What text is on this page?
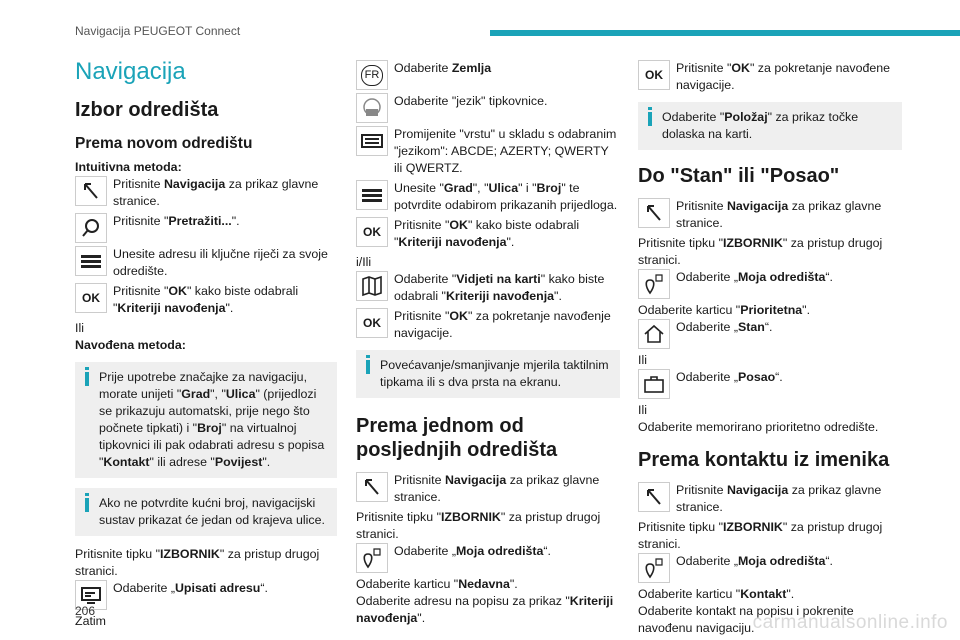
Navigacija PEUGEOT Connect
Navigacija
Izbor odredišta
Prema novom odredištu

Intuitivna metoda:

Pritisnite Navigacija za prikaz glavne stranice.
Pritisnite "Pretražiti...".
Unesite adresu ili ključne riječi za svoje odredište.
OK Pritisnite "OK" kako biste odabrali "Kriteriji navođenja".

Ili

Navođena metoda:

Prije upotrebe značajke za navigaciju, morate unijeti "Grad", "Ulica" (prijedlozi se prikazuju automatski, prije nego što počnete tipkati) i "Broj" na virtualnoj tipkovnici ili pak odabrati adresu s popisa "Kontakt" ili adrese "Povijest".
Ako ne potvrdite kućni broj, navigacijski sustav prikazat će jedan od krajeva ulice.

Pritisnite tipku "IZBORNIK" za pristup drugoj stranici.

Odaberite „Upisati adresu“.

Zatim

FR	Odaberite Zemlja
Odaberite "jezik" tipkovnice.
Promijenite "vrstu" u skladu s odabranim "jezikom": ABCDE; AZERTY; QWERTY ili QWERTZ.
Unesite "Grad", "Ulica" i "Broj" te potvrdite odabirom prikazanih prijedloga.
OK Pritisnite "OK" kako biste odabrali "Kriteriji navođenja".

i/Ili

Odaberite "Vidjeti na karti" kako biste odabrali "Kriteriji navođenja".
OK Pritisnite "OK" za pokretanje navođenje navigacije.
Povećavanje/smanjivanje mjerila taktilnim tipkama ili s dva prsta na ekranu.
Prema jednom od posljednjih odredišta
Pritisnite Navigacija za prikaz glavne stranice.

Pritisnite tipku "IZBORNIK" za pristup drugoj stranici.

Odaberite „Moja odredišta“.

Odaberite karticu "Nedavna".

Odaberite adresu na popisu za prikaz "Kriteriji navođenja".

OK Pritisnite "OK" za pokretanje navođene navigacije.
Odaberite "Položaj" za prikaz točke dolaska na karti.
Do "Stan" ili "Posao"
Pritisnite Navigacija za prikaz glavne stranice.

Pritisnite tipku "IZBORNIK" za pristup drugoj stranici.

Odaberite „Moja odredišta“.

Odaberite karticu "Prioritetna".

Odaberite „Stan“.

Ili

Odaberite „Posao“.

Ili

Odaberite memorirano prioritetno odredište.

Prema kontaktu iz imenika
Pritisnite Navigacija za prikaz glavne stranice.

Pritisnite tipku "IZBORNIK" za pristup drugoj stranici.

Odaberite „Moja odredišta“.

Odaberite karticu "Kontakt".

Odaberite kontakt na popisu i pokrenite navođenu navigaciju.

206
carmanualsonline.info
